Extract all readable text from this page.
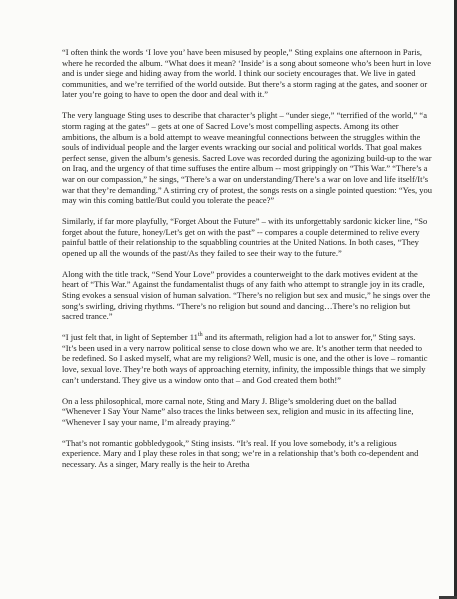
“I often think the words ‘I love you’ have been misused by people,” Sting explains one afternoon in Paris, where he recorded the album. “What does it mean? ‘Inside’ is a song about someone who’s been hurt in love and is under siege and hiding away from the world. I think our society encourages that. We live in gated communities, and we’re terrified of the world outside. But there’s a storm raging at the gates, and sooner or later you’re going to have to open the door and deal with it.”

The very language Sting uses to describe that character’s plight – “under siege,” “terrified of the world,” “a storm raging at the gates” – gets at one of Sacred Love’s most compelling aspects. Among its other ambitions, the album is a bold attempt to weave meaningful connections between the struggles within the souls of individual people and the larger events wracking our social and political worlds. That goal makes perfect sense, given the album’s genesis. Sacred Love was recorded during the agonizing build-up to the war on Iraq, and the urgency of that time suffuses the entire album -- most grippingly on “This War.” “There’s a war on our compassion,” he sings, “There’s a war on understanding/There’s a war on love and life itself/It’s war that they’re demanding.” A stirring cry of protest, the songs rests on a single pointed question: “Yes, you may win this coming battle/But could you tolerate the peace?”

Similarly, if far more playfully, “Forget About the Future” – with its unforgettably sardonic kicker line, “So forget about the future, honey/Let’s get on with the past” -- compares a couple determined to relive every painful battle of their relationship to the squabbling countries at the United Nations. In both cases, “They opened up all the wounds of the past/As they failed to see their way to the future.”

Along with the title track, “Send Your Love” provides a counterweight to the dark motives evident at the heart of “This War.” Against the fundamentalist thugs of any faith who attempt to strangle joy in its cradle, Sting evokes a sensual vision of human salvation. “There’s no religion but sex and music,” he sings over the song’s swirling, driving rhythms. “There’s no religion but sound and dancing…There’s no religion but sacred trance.”

“I just felt that, in light of September 11th and its aftermath, religion had a lot to answer for,” Sting says. “It’s been used in a very narrow political sense to close down who we are. It’s another term that needed to be redefined. So I asked myself, what are my religions? Well, music is one, and the other is love – romantic love, sexual love. They’re both ways of approaching eternity, infinity, the impossible things that we simply can’t understand. They give us a window onto that – and God created them both!”

On a less philosophical, more carnal note, Sting and Mary J. Blige’s smoldering duet on the ballad “Whenever I Say Your Name” also traces the links between sex, religion and music in its affecting line, “Whenever I say your name, I’m already praying.”

“That’s not romantic gobbledygook,” Sting insists. “It’s real. If you love somebody, it’s a religious experience. Mary and I play these roles in that song; we’re in a relationship that’s both co-dependent and necessary. As a singer, Mary really is the heir to Aretha
